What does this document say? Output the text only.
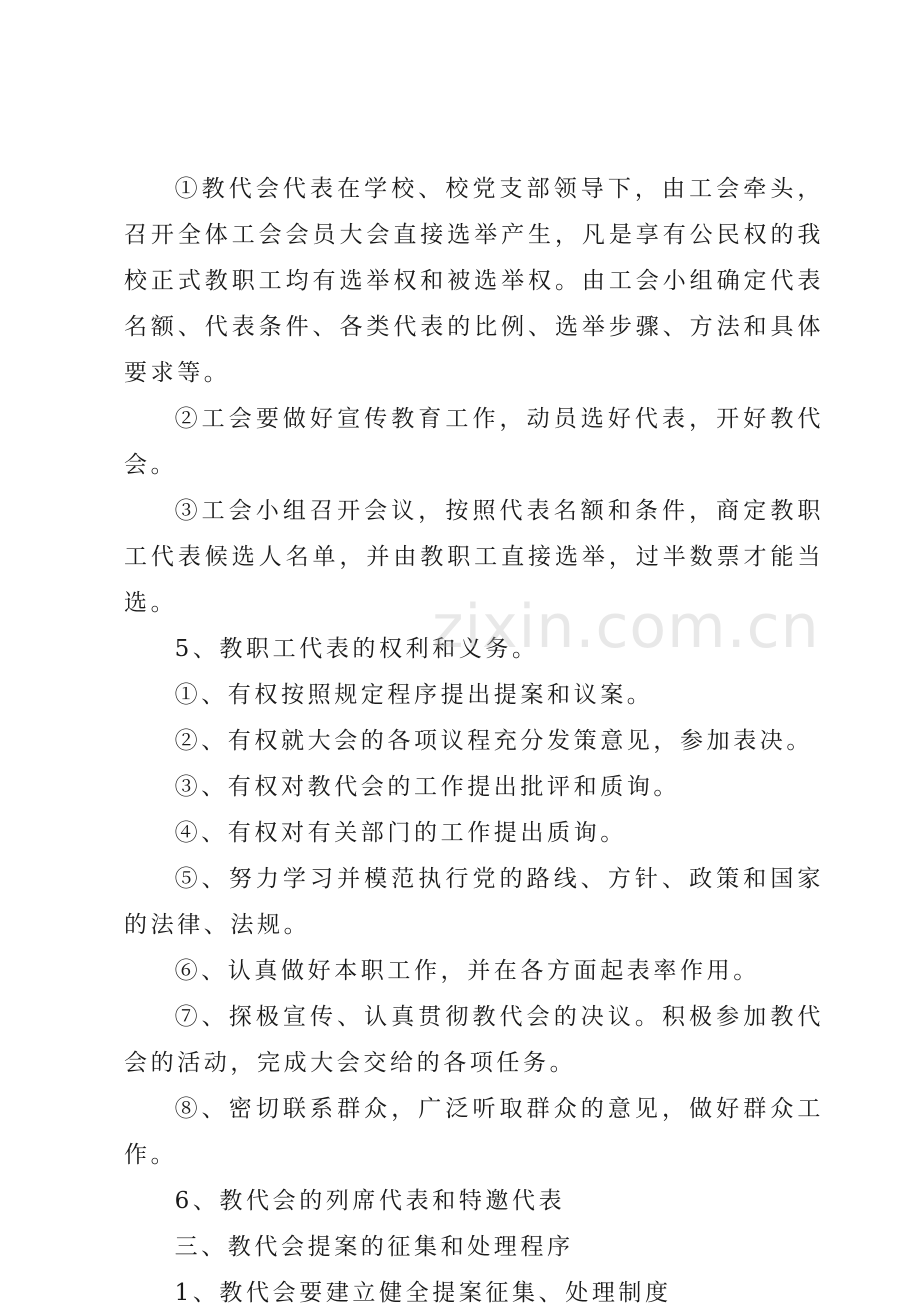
①教代会代表在学校、校党支部领导下，由工会牵头，召开全体工会会员大会直接选举产生，凡是享有公民权的我校正式教职工均有选举权和被选举权。由工会小组确定代表名额、代表条件、各类代表的比例、选举步骤、方法和具体要求等。

②工会要做好宣传教育工作，动员选好代表，开好教代会。

③工会小组召开会议，按照代表名额和条件，商定教职工代表候选人名单，并由教职工直接选举，过半数票才能当选。

5、教职工代表的权利和义务。

①、有权按照规定程序提出提案和议案。

②、有权就大会的各项议程充分发策意见，参加表决。

③、有权对教代会的工作提出批评和质询。

④、有权对有关部门的工作提出质询。

⑤、努力学习并模范执行党的路线、方针、政策和国家的法律、法规。

⑥、认真做好本职工作，并在各方面起表率作用。

⑦、探极宣传、认真贯彻教代会的决议。积极参加教代会的活动，完成大会交给的各项任务。

⑧、密切联系群众，广泛听取群众的意见，做好群众工作。

6、教代会的列席代表和特邀代表

三、教代会提案的征集和处理程序

1、教代会要建立健全提案征集、处理制度

zixin.com.cn
